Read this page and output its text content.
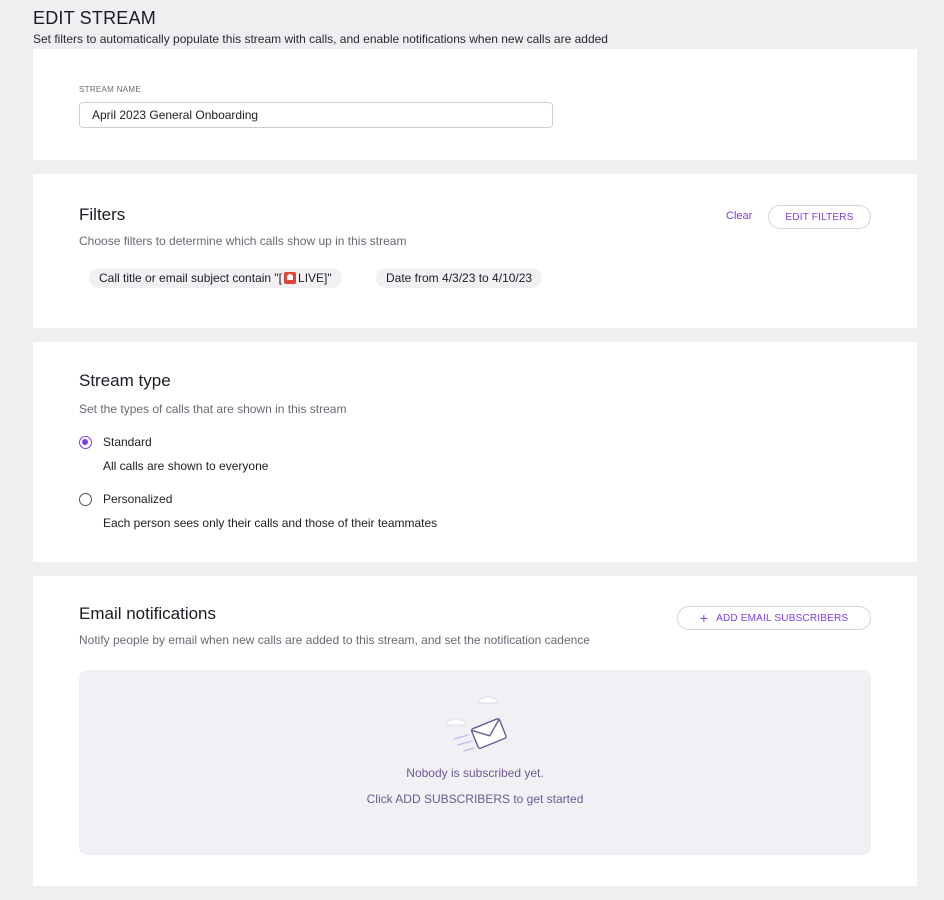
EDIT STREAM
Set filters to automatically populate this stream with calls, and enable notifications when new calls are added
STREAM NAME
April 2023 General Onboarding
Filters
Choose filters to determine which calls show up in this stream
Clear	EDIT FILTERS
Call title or email subject contain "[ LIVE]"	Date from 4/3/23 to 4/10/23
Stream type
Set the types of calls that are shown in this stream
Standard
All calls are shown to everyone
Personalized
Each person sees only their calls and those of their teammates
Email notifications
Notify people by email when new calls are added to this stream, and set the notification cadence
+ ADD EMAIL SUBSCRIBERS
Nobody is subscribed yet.
Click ADD SUBSCRIBERS to get started
